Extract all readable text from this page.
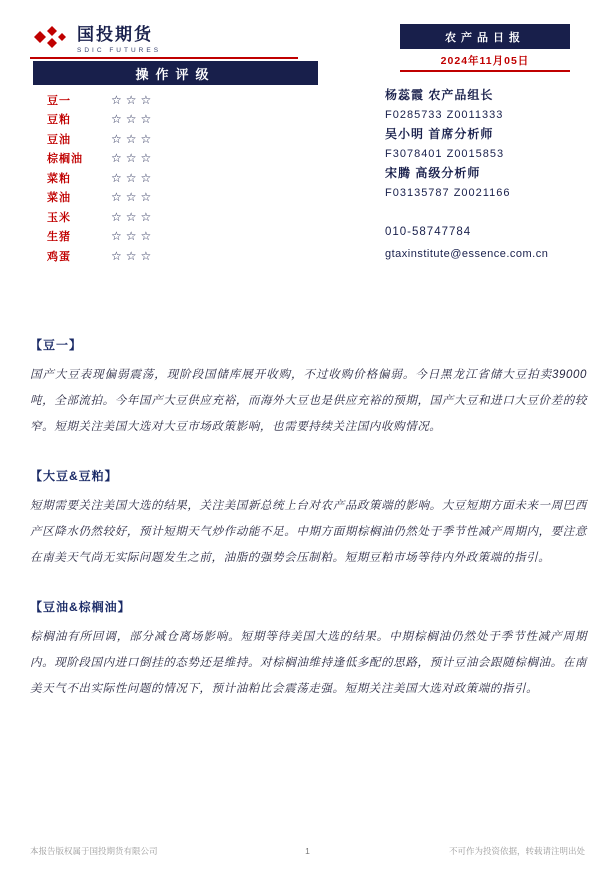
国投期货
SDIC FUTURES
农产品日报
2024年11月05日
操作评级
豆一	☆☆☆
豆粕	☆☆☆
豆油	☆☆☆
棕榈油	☆☆☆
菜粕	☆☆☆
菜油	☆☆☆
玉米	☆☆☆
生猪	☆☆☆
鸡蛋	☆☆☆
杨蕊霞 农产品组长
F0285733 Z0011333
吴小明 首席分析师
F3078401 Z0015853
宋腾 高级分析师
F03135787 Z0021166
010-58747784
gtaxinstitute@essence.com.cn
【豆一】
国产大豆表现偏弱震荡，现阶段国储库展开收购，不过收购价格偏弱。今日黑龙江省储大豆拍卖39000吨，全部流拍。今年国产大豆供应充裕，而海外大豆也是供应充裕的预期，国产大豆和进口大豆价差的较窄。短期关注美国大选对大豆市场政策影响，也需要持续关注国内收购情况。
【大豆&豆粕】
短期需要关注美国大选的结果，关注美国新总统上台对农产品政策端的影响。大豆短期方面未来一周巴西产区降水仍然较好，预计短期天气炒作动能不足。中期方面期棕榈油仍然处于季节性减产周期内，要注意在南美天气尚无实际问题发生之前，油脂的强势会压制粕。短期豆粕市场等待内外政策端的指引。
【豆油&棕榈油】
棕榈油有所回调，部分减仓离场影响。短期等待美国大选的结果。中期棕榈油仍然处于季节性减产周期内。现阶段国内进口倒挂的态势还是维持。对棕榈油维持逢低多配的思路，预计豆油会跟随棕榈油。在南美天气不出实际性问题的情况下，预计油粕比会震荡走强。短期关注美国大选对政策端的指引。
本报告版权属于国投期货有限公司	1	不可作为投资依据，转载请注明出处
